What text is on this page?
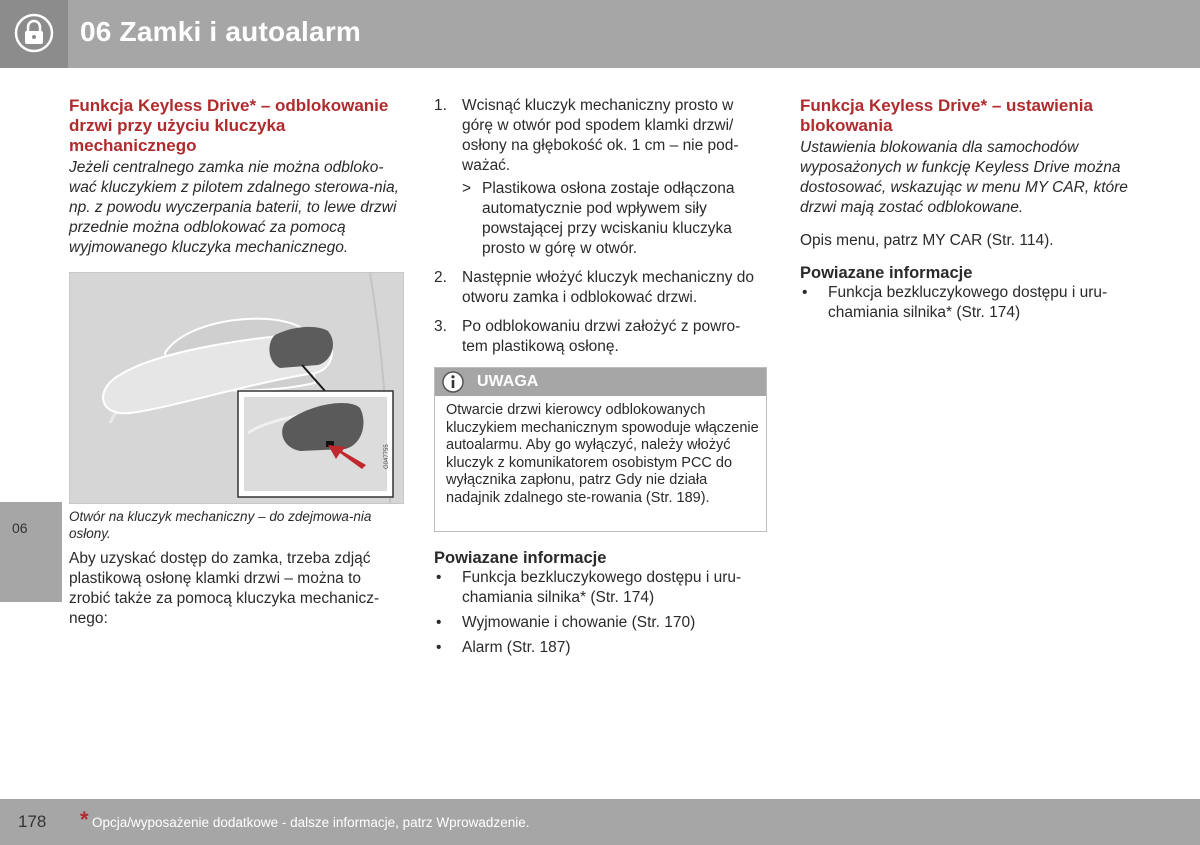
06 Zamki i autoalarm
06

Funkcja Keyless Drive* – odblokowanie drzwi przy użyciu kluczyka mechanicznego

Jeżeli centralnego zamka nie można odbloko-wać kluczykiem z pilotem zdalnego sterowa-nia, np. z powodu wyczerpania baterii, to lewe drzwi przednie można odblokować za pomocą wyjmowanego kluczyka mechanicznego.

G047755
Otwór na kluczyk mechaniczny – do zdejmowa-nia osłony.

Aby uzyskać dostęp do zamka, trzeba zdjąć plastikową osłonę klamki drzwi – można to zrobić także za pomocą kluczyka mechanicz-nego:

1. Wcisnąć kluczyk mechaniczny prosto w górę w otwór pod spodem klamki drzwi/ osłony na głębokość ok. 1 cm – nie pod-ważać.
> Plastikowa osłona zostaje odłączona automatycznie pod wpływem siły powstającej przy wciskaniu kluczyka prosto w górę w otwór.
2. Następnie włożyć kluczyk mechaniczny do otworu zamka i odblokować drzwi.
3. Po odblokowaniu drzwi założyć z powro-tem plastikową osłonę.
UWAGA
Otwarcie drzwi kierowcy odblokowanych kluczykiem mechanicznym spowoduje włączenie autoalarmu. Aby go wyłączyć, należy włożyć kluczyk z komunikatorem osobistym PCC do wyłącznika zapłonu, patrz Gdy nie działa nadajnik zdalnego ste-rowania (Str. 189).

Powiazane informacje

• Funkcja bezkluczykowego dostępu i uru-chamiania silnika* (Str. 174)
• Wyjmowanie i chowanie (Str. 170)
• Alarm (Str. 187)

Funkcja Keyless Drive* – ustawienia blokowania

Ustawienia blokowania dla samochodów wyposażonych w funkcję Keyless Drive można dostosować, wskazując w menu MY CAR, które drzwi mają zostać odblokowane.

Opis menu, patrz MY CAR (Str. 114).

Powiazane informacje

• Funkcja bezkluczykowego dostępu i uru-chamiania silnika* (Str. 174)
178 * Opcja/wyposażenie dodatkowe - dalsze informacje, patrz Wprowadzenie.
